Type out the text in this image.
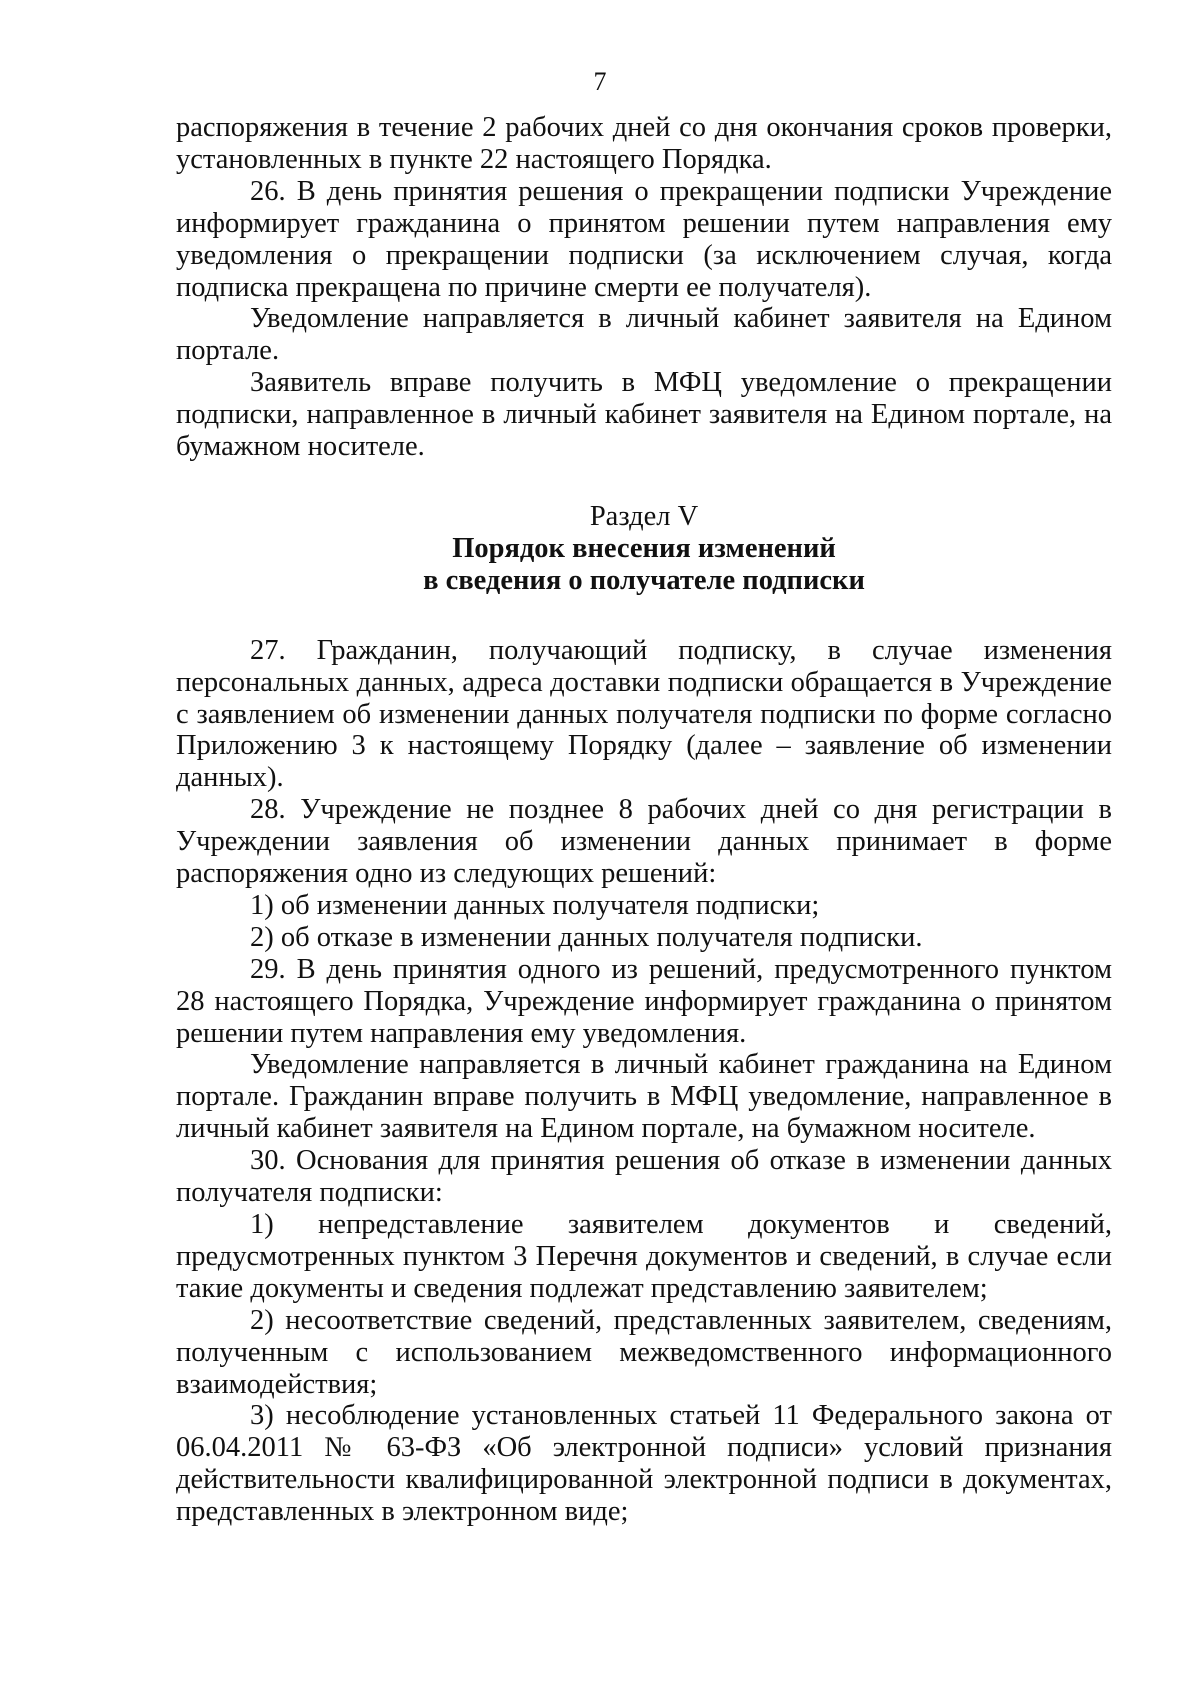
7

распоряжения в течение 2 рабочих дней со дня окончания сроков проверки, установленных в пункте 22 настоящего Порядка.

26. В день принятия решения о прекращении подписки Учреждение информирует гражданина о принятом решении путем направления ему уведомления о прекращении подписки (за исключением случая, когда подписка прекращена по причине смерти ее получателя).

Уведомление направляется в личный кабинет заявителя на Едином портале.

Заявитель вправе получить в МФЦ уведомление о прекращении подписки, направленное в личный кабинет заявителя на Едином портале, на бумажном носителе.

Раздел V
Порядок внесения изменений
в сведения о получателе подписки

27. Гражданин, получающий подписку, в случае изменения персональных данных, адреса доставки подписки обращается в Учреждение с заявлением об изменении данных получателя подписки по форме согласно Приложению 3 к настоящему Порядку (далее – заявление об изменении данных).

28. Учреждение не позднее 8 рабочих дней со дня регистрации в Учреждении заявления об изменении данных принимает в форме распоряжения одно из следующих решений:

1) об изменении данных получателя подписки;

2) об отказе в изменении данных получателя подписки.

29. В день принятия одного из решений, предусмотренного пунктом 28 настоящего Порядка, Учреждение информирует гражданина о принятом решении путем направления ему уведомления.

Уведомление направляется в личный кабинет гражданина на Едином портале. Гражданин вправе получить в МФЦ уведомление, направленное в личный кабинет заявителя на Едином портале, на бумажном носителе.

30. Основания для принятия решения об отказе в изменении данных получателя подписки:

1) непредставление заявителем документов и сведений, предусмотренных пунктом 3 Перечня документов и сведений, в случае если такие документы и сведения подлежат представлению заявителем;

2) несоответствие сведений, представленных заявителем, сведениям, полученным с использованием межведомственного информационного взаимодействия;

3) несоблюдение установленных статьей 11 Федерального закона от 06.04.2011 № 63-ФЗ «Об электронной подписи» условий признания действительности квалифицированной электронной подписи в документах, представленных в электронном виде;
